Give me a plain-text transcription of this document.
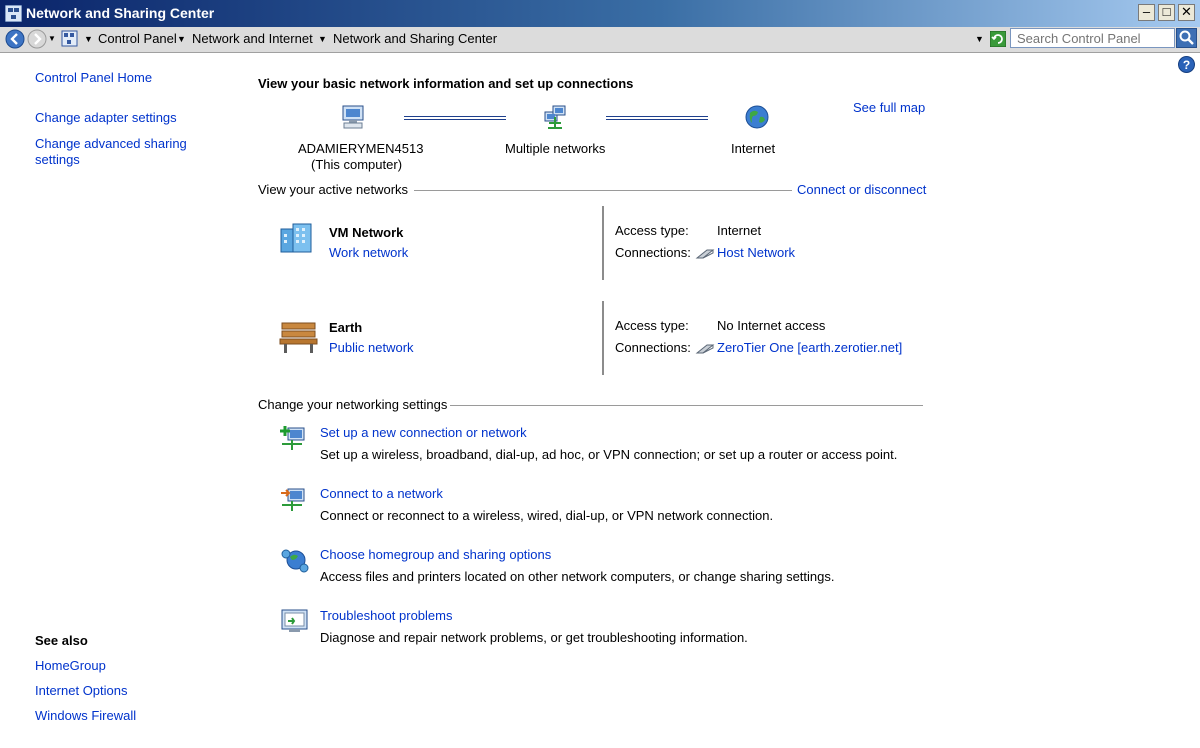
Network and Sharing Center	– □ ✕
▼	▼ Control Panel ▼ Network and Internet ▼ Network and Sharing Center	▼
Search Control Panel
?
Control Panel Home
Change adapter settings
Change advanced sharing settings
See also
HomeGroup
Internet Options
Windows Firewall
View your basic network information and set up connections
See full map
ADAMIERYMEN4513
(This computer)
Multiple networks	Internet
View your active networks	Connect or disconnect
VM Network
Work network
Access type: Internet
Connections: Host Network
Earth
Public network
Access type: No Internet access
Connections: ZeroTier One [earth.zerotier.net]
Change your networking settings
Set up a new connection or network
Set up a wireless, broadband, dial-up, ad hoc, or VPN connection; or set up a router or access point.
Connect to a network
Connect or reconnect to a wireless, wired, dial-up, or VPN network connection.
Choose homegroup and sharing options
Access files and printers located on other network computers, or change sharing settings.
Troubleshoot problems
Diagnose and repair network problems, or get troubleshooting information.
